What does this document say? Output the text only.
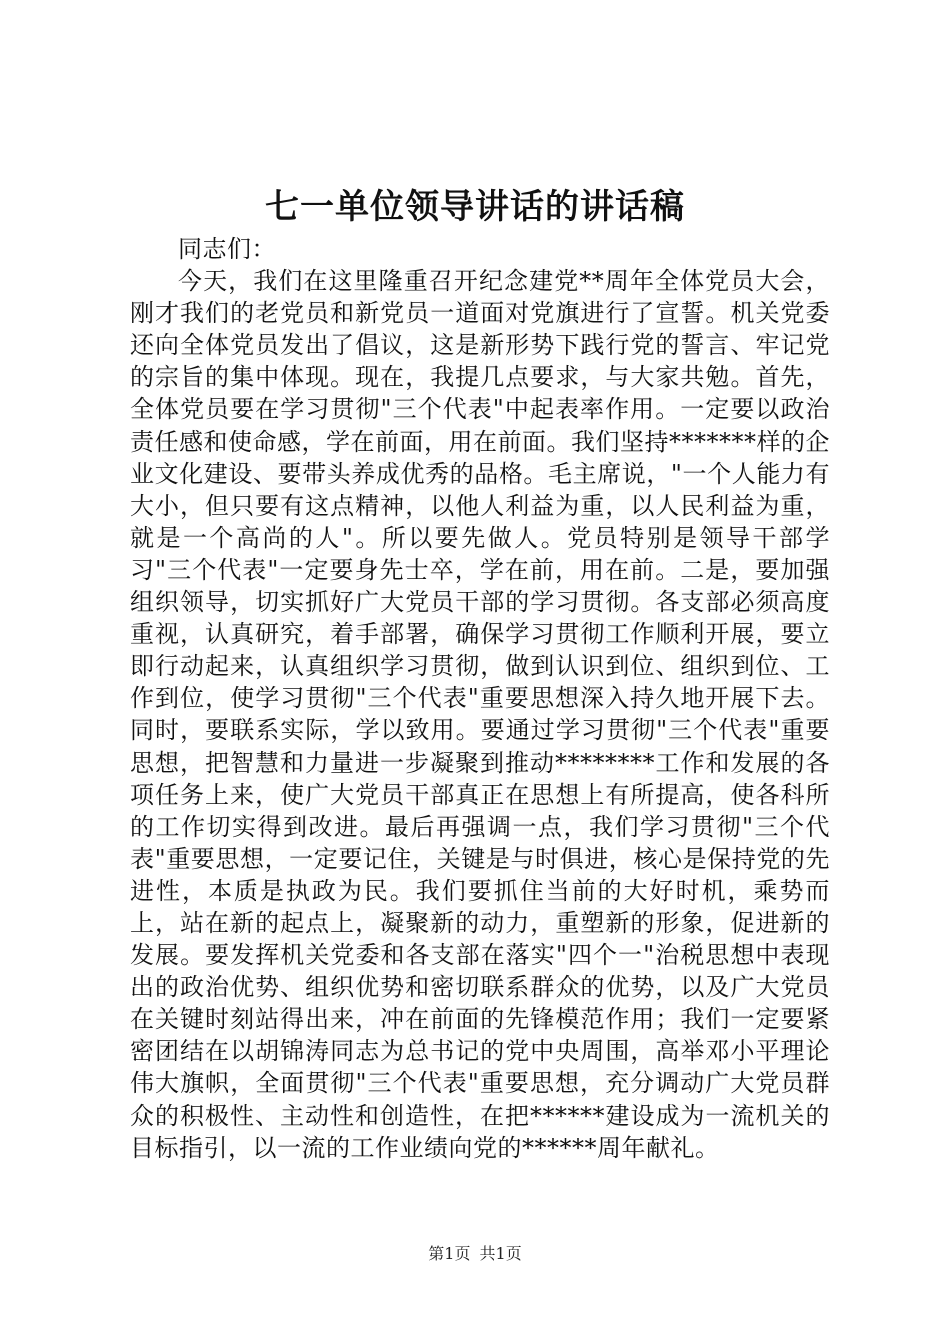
七一单位领导讲话的讲话稿

同志们：

今天，我们在这里隆重召开纪念建党**周年全体党员大会，刚才我们的老党员和新党员一道面对党旗进行了宣誓。机关党委还向全体党员发出了倡议，这是新形势下践行党的誓言、牢记党的宗旨的集中体现。现在，我提几点要求，与大家共勉。首先，全体党员要在学习贯彻"三个代表"中起表率作用。一定要以政治责任感和使命感，学在前面，用在前面。我们坚持*******样的企业文化建设、要带头养成优秀的品格。毛主席说，"一个人能力有大小，但只要有这点精神，以他人利益为重，以人民利益为重，就是一个高尚的人"。所以要先做人。党员特别是领导干部学习"三个代表"一定要身先士卒，学在前，用在前。二是，要加强组织领导，切实抓好广大党员干部的学习贯彻。各支部必须高度重视，认真研究，着手部署，确保学习贯彻工作顺利开展，要立即行动起来，认真组织学习贯彻，做到认识到位、组织到位、工作到位，使学习贯彻"三个代表"重要思想深入持久地开展下去。同时，要联系实际，学以致用。要通过学习贯彻"三个代表"重要思想，把智慧和力量进一步凝聚到推动********工作和发展的各项任务上来，使广大党员干部真正在思想上有所提高，使各科所的工作切实得到改进。最后再强调一点，我们学习贯彻"三个代表"重要思想，一定要记住，关键是与时俱进，核心是保持党的先进性，本质是执政为民。我们要抓住当前的大好时机，乘势而上，站在新的起点上，凝聚新的动力，重塑新的形象，促进新的发展。要发挥机关党委和各支部在落实"四个一"治税思想中表现出的政治优势、组织优势和密切联系群众的优势，以及广大党员在关键时刻站得出来，冲在前面的先锋模范作用；我们一定要紧密团结在以胡锦涛同志为总书记的党中央周围，高举邓小平理论伟大旗帜，全面贯彻"三个代表"重要思想，充分调动广大党员群众的积极性、主动性和创造性，在把******建设成为一流机关的目标指引，以一流的工作业绩向党的******周年献礼。

第1页 共1页
